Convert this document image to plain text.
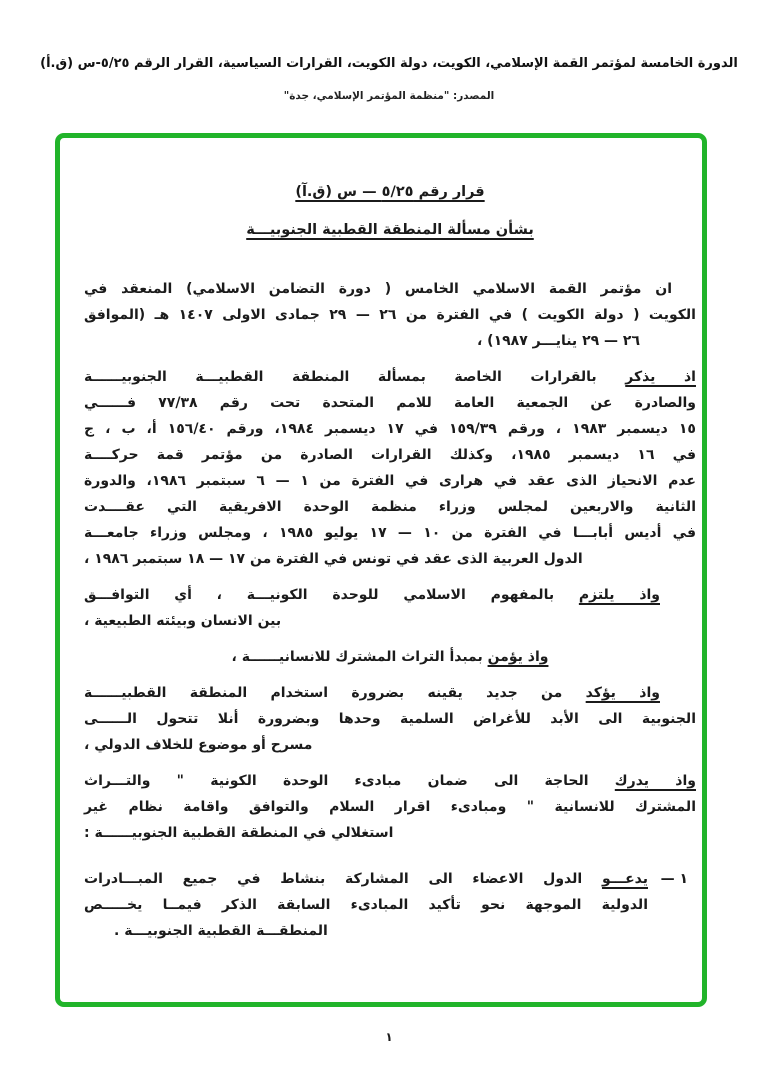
الدورة الخامسة لمؤتمر القمة الإسلامي، الكويت، دولة الكويت، القرارات السياسية، القرار الرقم ٥/٢٥-س (ق.أ)
المصدر: "منظمة المؤتمر الإسلامي، جدة"
قرار رقم ٥/٢٥ — س (ق.آ)
بشأن مسألة المنطقة القطبية الجنوبيـــة
ان مؤتمر القمة الاسلامي الخامس ( دورة التضامن الاسلامي) المنعقد في
الكويت ( دولة الكويت ) في الفترة من ٢٦ — ٢٩ جمادى الاولى ١٤٠٧ هـ (الموافق
٢٦ — ٢٩ ينايـــر ١٩٨٧) ،
اذ يذكر بالقرارات الخاصة بمسألة المنطقة القطبيـــة الجنوبيــــــة
والصادرة عن الجمعية العامة للامم المتحدة تحت رقم ٧٧/٣٨ فــــــي
١٥ ديسمبر ١٩٨٣ ، ورقم ١٥٩/٣٩ في ١٧ ديسمبر ١٩٨٤، ورقم ١٥٦/٤٠ أ، ب ، ج
في ١٦ ديسمبر ١٩٨٥، وكذلك القرارات الصادرة من مؤتمر قمة حركــــة
عدم الانحياز الذى عقد في هرارى في الفترة من ١ — ٦ سبتمبر ١٩٨٦، والدورة
الثانية والاربعين لمجلس وزراء منظمة الوحدة الافريقية التي عقــــدت
في أديس أبابـــا في الفترة من ١٠ — ١٧ يوليو ١٩٨٥ ، ومجلس وزراء جامعـــة
الدول العربية الذى عقد في تونس في الفترة من ١٧ — ١٨ سبتمبر ١٩٨٦ ،
واذ يلتزم بالمفهوم الاسلامي للوحدة الكونيـــة ، أي التوافـــق
بين الانسان وبيئته الطبيعية ،
واذ يؤمن بمبدأ التراث المشترك للانسانيــــــة ،
واذ يؤكد من جديد يقينه بضرورة استخدام المنطقة القطبيــــــة
الجنوبية الى الأبد للأغراض السلمية وحدها وبضرورة أنلا تتحول الــــــى
مسرح أو موضوع للخلاف الدولي ،
واذ يدرك الحاجة الى ضمان مبادىء الوحدة الكونية " والتـــراث
المشترك للانسانية " ومبادىء اقرار السلام والتوافق واقامة نظام غير
استغلالي في المنطقة القطبية الجنوبيــــــة :
١ —
يدعـــو الدول الاعضاء الى المشاركة بنشاط في جميع المبـــادرات
الدولية الموجهة نحو تأكيد المبادىء السابقة الذكر فيمــا يخـــــص
المنطقـــة القطبية الجنوبيـــة .
١
